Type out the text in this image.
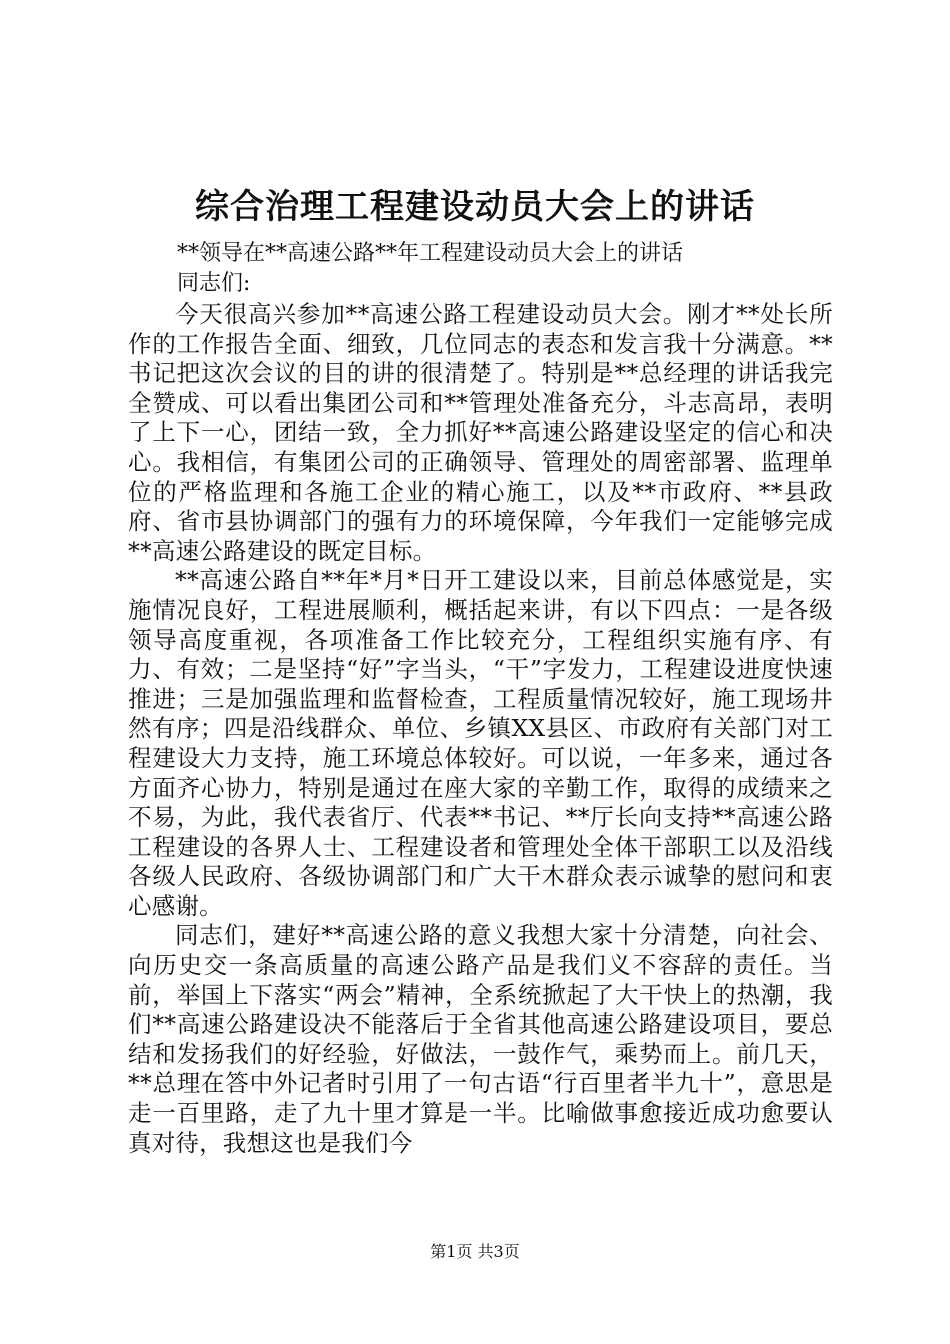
综合治理工程建设动员大会上的讲话
**领导在**高速公路**年工程建设动员大会上的讲话
同志们:

今天很高兴参加**高速公路工程建设动员大会。刚才**处长所作的工作报告全面、细致，几位同志的表态和发言我十分满意。**书记把这次会议的目的讲的很清楚了。特别是**总经理的讲话我完全赞成、可以看出集团公司和**管理处准备充分，斗志高昂，表明了上下一心，团结一致，全力抓好**高速公路建设坚定的信心和决心。我相信，有集团公司的正确领导、管理处的周密部署、监理单位的严格监理和各施工企业的精心施工，以及**市政府、**县政府、省市县协调部门的强有力的环境保障，今年我们一定能够完成**高速公路建设的既定目标。

**高速公路自**年*月*日开工建设以来，目前总体感觉是，实施情况良好，工程进展顺利，概括起来讲，有以下四点：一是各级领导高度重视，各项准备工作比较充分，工程组织实施有序、有力、有效；二是坚持“好”字当头，“干”字发力，工程建设进度快速推进；三是加强监理和监督检查，工程质量情况较好，施工现场井然有序；四是沿线群众、单位、乡镇XX县区、市政府有关部门对工程建设大力支持，施工环境总体较好。可以说，一年多来，通过各方面齐心协力，特别是通过在座大家的辛勤工作，取得的成绩来之不易，为此，我代表省厅、代表**书记、**厅长向支持**高速公路工程建设的各界人士、工程建设者和管理处全体干部职工以及沿线各级人民政府、各级协调部门和广大干木群众表示诚挚的慰问和衷心感谢。

同志们，建好**高速公路的意义我想大家十分清楚，向社会、向历史交一条高质量的高速公路产品是我们义不容辞的责任。当前，举国上下落实“两会”精神，全系统掀起了大干快上的热潮，我们**高速公路建设决不能落后于全省其他高速公路建设项目，要总结和发扬我们的好经验，好做法，一鼓作气，乘势而上。前几天，**总理在答中外记者时引用了一句古语“行百里者半九十”，意思是走一百里路，走了九十里才算是一半。比喻做事愈接近成功愈要认真对待，我想这也是我们今

第1页 共3页
